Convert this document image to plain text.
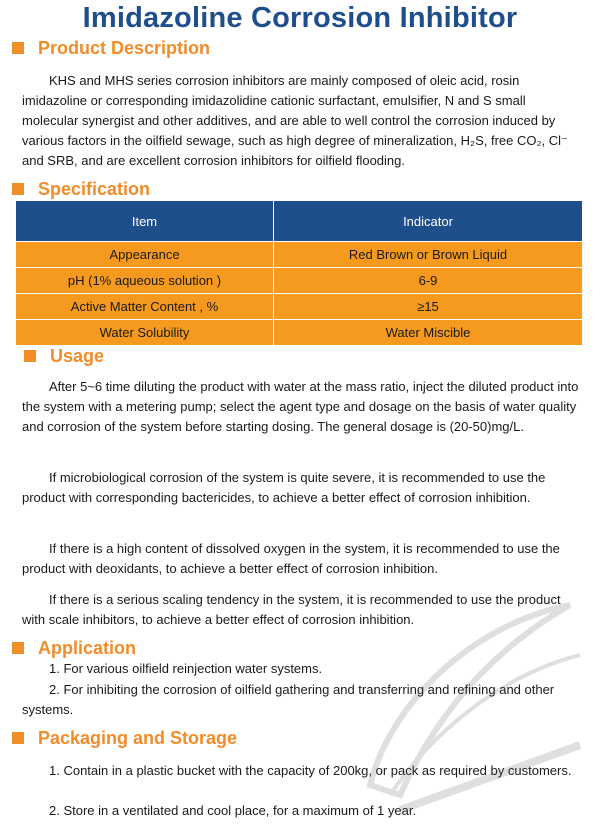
Imidazoline Corrosion Inhibitor
Product Description

KHS and MHS series corrosion inhibitors are mainly composed of oleic acid, rosin imidazoline or corresponding imidazolidine cationic surfactant, emulsifier, N and S small molecular synergist and other additives, and are able to well control the corrosion induced by various factors in the oilfield sewage, such as high degree of mineralization, H₂S, free CO₂, Cl⁻ and SRB, and are excellent corrosion inhibitors for oilfield flooding.

Specification
Item	Indicator
Appearance	Red Brown or Brown Liquid
pH (1% aqueous solution )	6-9
Active Matter Content , %	≥15
Water Solubility	Water Miscible
Usage

After 5~6 time diluting the product with water at the mass ratio, inject the diluted product into the system with a metering pump; select the agent type and dosage on the basis of water quality and corrosion of the system before starting dosing. The general dosage is (20-50)mg/L.

If microbiological corrosion of the system is quite severe, it is recommended to use the product with corresponding bactericides, to achieve a better effect of corrosion inhibition.

If there is a high content of dissolved oxygen in the system, it is recommended to use the product with deoxidants, to achieve a better effect of corrosion inhibition.

If there is a serious scaling tendency in the system, it is recommended to use the product with scale inhibitors, to achieve a better effect of corrosion inhibition.

Application

1. For various oilfield reinjection water systems.

2. For inhibiting the corrosion of oilfield gathering and transferring and refining and other systems.

Packaging and Storage

1. Contain in a plastic bucket with the capacity of 200kg, or pack as required by customers.

2. Store in a ventilated and cool place, for a maximum of 1 year.
